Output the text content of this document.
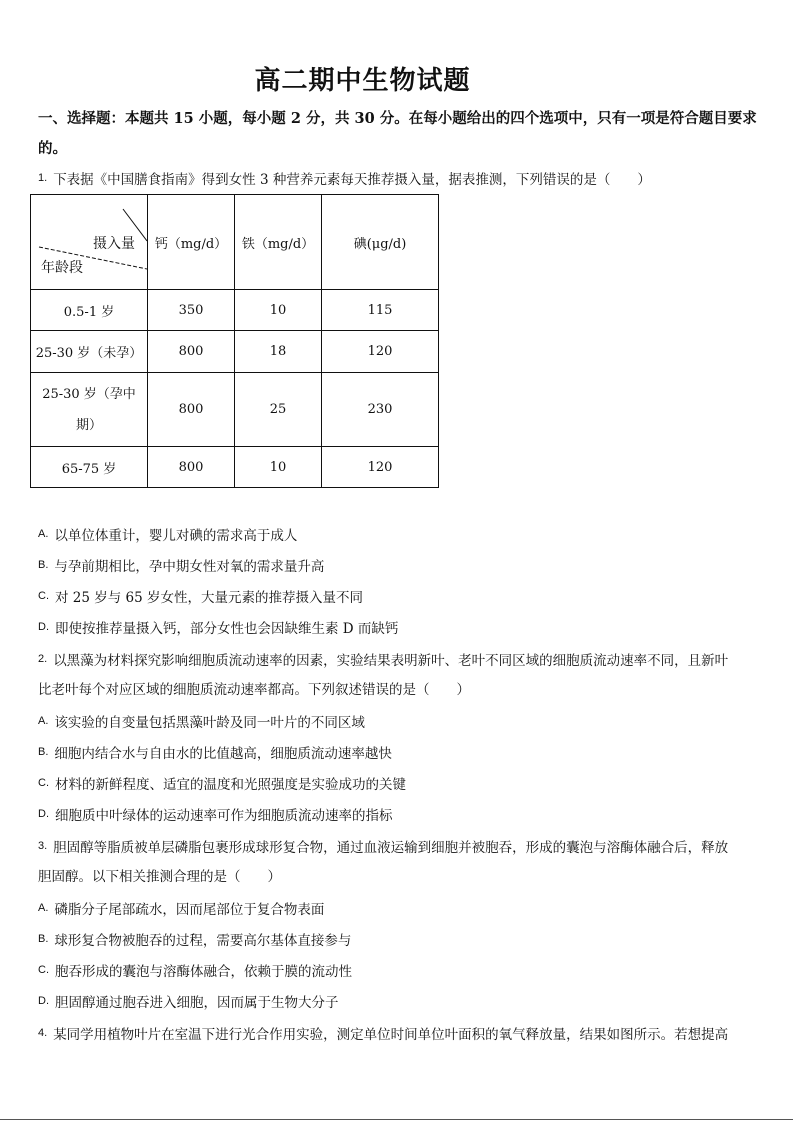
高二期中生物试题
一、选择题：本题共 15 小题，每小题 2 分，共 30 分。在每小题给出的四个选项中，只有一项是符合题目要求的。
$^{1.}$ 下表据《中国膳食指南》得到女性 3 种营养元素每天推荐摄入量，据表推测，下列错误的是（　　）
摄入量
年龄段	钙（mg/d）	铁（mg/d）	碘(μg/d)
0.5-1 岁	350	10	115
25-30 岁（未孕）	800	18	120
25-30 岁（孕中期）	800	25	230
65-75 岁	800	10	120
$^{A.}$ 以单位体重计，婴儿对碘的需求高于成人
$^{B.}$ 与孕前期相比，孕中期女性对氧的需求量升高
$^{C.}$ 对 25 岁与 65 岁女性，大量元素的推荐摄入量不同
$^{D.}$ 即使按推荐量摄入钙，部分女性也会因缺维生素 D 而缺钙
$^{2.}$ 以黑藻为材料探究影响细胞质流动速率的因素，实验结果表明新叶、老叶不同区域的细胞质流动速率不同，且新叶
比老叶每个对应区域的细胞质流动速率都高。下列叙述错误的是（　　）
$^{A.}$ 该实验的自变量包括黑藻叶龄及同一叶片的不同区域
$^{B.}$ 细胞内结合水与自由水的比值越高，细胞质流动速率越快
$^{C.}$ 材料的新鲜程度、适宜的温度和光照强度是实验成功的关键
$^{D.}$ 细胞质中叶绿体的运动速率可作为细胞质流动速率的指标
$^{3.}$ 胆固醇等脂质被单层磷脂包裹形成球形复合物，通过血液运输到细胞并被胞吞，形成的囊泡与溶酶体融合后，释放
胆固醇。以下相关推测合理的是（　　）
$^{A.}$ 磷脂分子尾部疏水，因而尾部位于复合物表面
$^{B.}$ 球形复合物被胞吞的过程，需要高尔基体直接参与
$^{C.}$ 胞吞形成的囊泡与溶酶体融合，依赖于膜的流动性
$^{D.}$ 胆固醇通过胞吞进入细胞，因而属于生物大分子
$^{4.}$ 某同学用植物叶片在室温下进行光合作用实验，测定单位时间单位叶面积的氧气释放量，结果如图所示。若想提高
